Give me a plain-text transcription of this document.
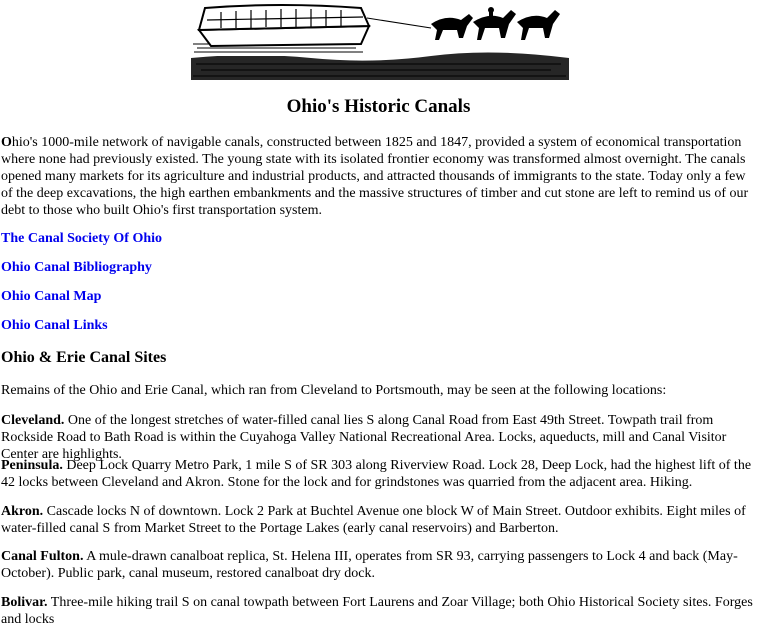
Ohio's Historic Canals

Ohio's 1000-mile network of navigable canals, constructed between 1825 and 1847, provided a system of economical transportation where none had previously existed. The young state with its isolated frontier economy was transformed almost overnight. The canals opened many markets for its agriculture and industrial products, and attracted thousands of immigrants to the state. Today only a few of the deep excavations, the high earthen embankments and the massive structures of timber and cut stone are left to remind us of our debt to those who built Ohio's first transportation system.

The Canal Society Of Ohio
Ohio Canal Bibliography
Ohio Canal Map
Ohio Canal Links
Ohio & Erie Canal Sites

Remains of the Ohio and Erie Canal, which ran from Cleveland to Portsmouth, may be seen at the following locations:

Cleveland. One of the longest stretches of water-filled canal lies S along Canal Road from East 49th Street. Towpath trail from Rockside Road to Bath Road is within the Cuyahoga Valley National Recreational Area. Locks, aqueducts, mill and Canal Visitor Center are highlights.

Peninsula. Deep Lock Quarry Metro Park, 1 mile S of SR 303 along Riverview Road. Lock 28, Deep Lock, had the highest lift of the 42 locks between Cleveland and Akron. Stone for the lock and for grindstones was quarried from the adjacent area. Hiking.

Akron. Cascade locks N of downtown. Lock 2 Park at Buchtel Avenue one block W of Main Street. Outdoor exhibits. Eight miles of water-filled canal S from Market Street to the Portage Lakes (early canal reservoirs) and Barberton.

Canal Fulton. A mule-drawn canalboat replica, St. Helena III, operates from SR 93, carrying passengers to Lock 4 and back (May-October). Public park, canal museum, restored canalboat dry dock.

Bolivar. Three-mile hiking trail S on canal towpath between Fort Laurens and Zoar Village; both Ohio Historical Society sites. Forges and locks
